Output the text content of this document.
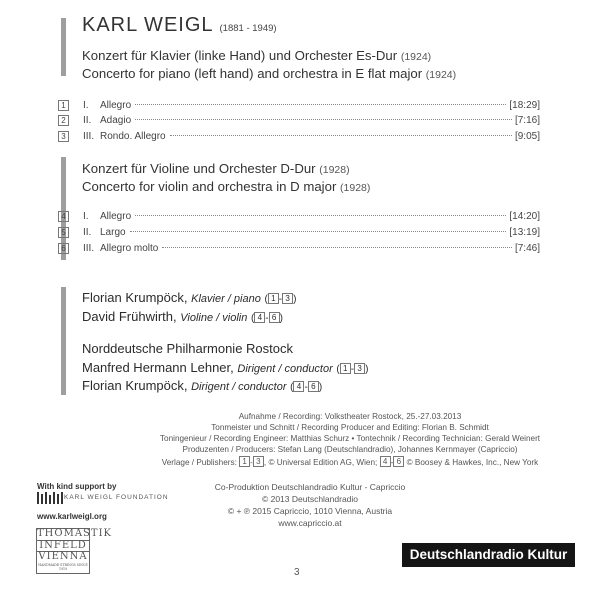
KARL WEIGL (1881 - 1949)
Konzert für Klavier (linke Hand) und Orchester Es-Dur (1924)
Concerto for piano (left hand) and orchestra in E flat major (1924)
1	I.	Allegro	[18:29]
2	II. Adagio	[7:16]
3	III. Rondo. Allegro	[9:05]
Konzert für Violine und Orchester D-Dur (1928)
Concerto for violin and orchestra in D major (1928)
4	I.	Allegro	[14:20]
5	II. Largo	[13:19]
6	III. Allegro molto	[7:46]
Florian Krumpöck, Klavier / piano ( 1 - 3 )
David Frühwirth, Violine / violin ( 4 - 6 )
Norddeutsche Philharmonie Rostock
Manfred Hermann Lehner, Dirigent / conductor ( 1 - 3 )
Florian Krumpöck, Dirigent / conductor ( 4 - 6 )
Aufnahme / Recording: Volkstheater Rostock, 25.-27.03.2013
Tonmeister und Schnitt / Recording Producer and Editing: Florian B. Schmidt
Toningenieur / Recording Engineer: Matthias Schurz • Tontechnik / Recording Technician: Gerald Weinert
Produzenten / Producers: Stefan Lang (Deutschlandradio), Johannes Kernmayer (Capriccio)
Verlage / Publishers: 1 - 3 , © Universal Edition AG, Wien; 4 - 6 © Boosey & Hawkes, Inc., New York
Co-Produktion Deutschlandradio Kultur - Capriccio
© 2013 Deutschlandradio
© + ℗ 2015 Capriccio, 1010 Vienna, Austria
www.capriccio.at
With kind support by
KARL WEIGL FOUNDATION
www.karlweigl.org
THOMASTIK
INFELD
VIENNA
HANDMADE STRINGS SINCE 1919
Deutschlandradio Kultur
3
